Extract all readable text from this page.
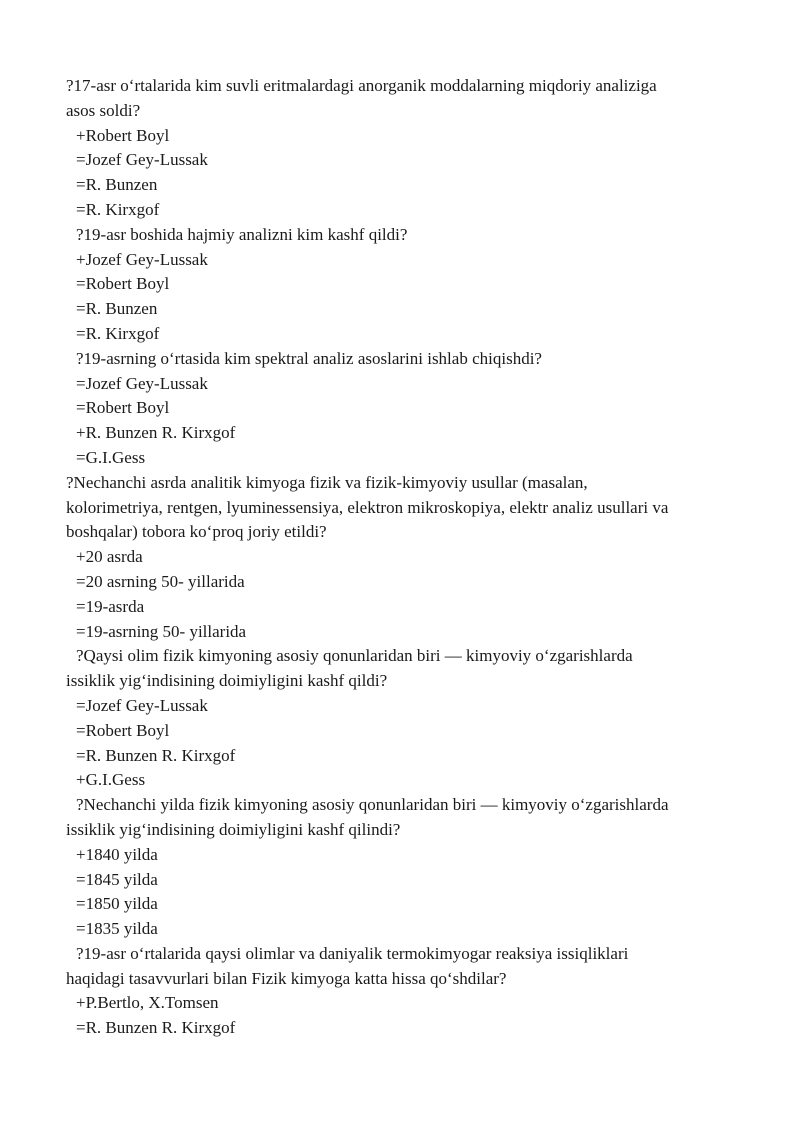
?17-asr o‘rtalarida kim suvli eritmalardagi anorganik moddalarning miqdoriy analiziga
asos soldi?
+Robert Boyl
=Jozef Gey-Lussak
=R. Bunzen
=R. Kirxgof
?19-asr boshida hajmiy analizni kim kashf qildi?
+Jozef Gey-Lussak
=Robert Boyl
=R. Bunzen
=R. Kirxgof
?19-asrning o‘rtasida kim spektral analiz asoslarini ishlab chiqishdi?
=Jozef Gey-Lussak
=Robert Boyl
+R. Bunzen R. Kirxgof
=G.I.Gess
?Nechanchi asrda analitik kimyoga fizik va fizik-kimyoviy usullar (masalan,
kolorimetriya, rentgen, lyuminessensiya, elektron mikroskopiya, elektr analiz usullari va
boshqalar) tobora ko‘proq joriy etildi?
+20 asrda
=20 asrning 50- yillarida
=19-asrda
=19-asrning 50- yillarida
?Qaysi olim fizik kimyoning asosiy qonunlaridan biri — kimyoviy o‘zgarishlarda
issiklik yig‘indisining doimiyligini kashf qildi?
=Jozef Gey-Lussak
=Robert Boyl
=R. Bunzen R. Kirxgof
+G.I.Gess
?Nechanchi yilda fizik kimyoning asosiy qonunlaridan biri — kimyoviy o‘zgarishlarda
issiklik yig‘indisining doimiyligini kashf qilindi?
+1840 yilda
=1845 yilda
=1850 yilda
=1835 yilda
?19-asr o‘rtalarida qaysi olimlar va daniyalik termokimyogar reaksiya issiqliklari
haqidagi tasavvurlari bilan Fizik kimyoga katta hissa qo‘shdilar?
+P.Bertlo, X.Tomsen
=R. Bunzen R. Kirxgof
